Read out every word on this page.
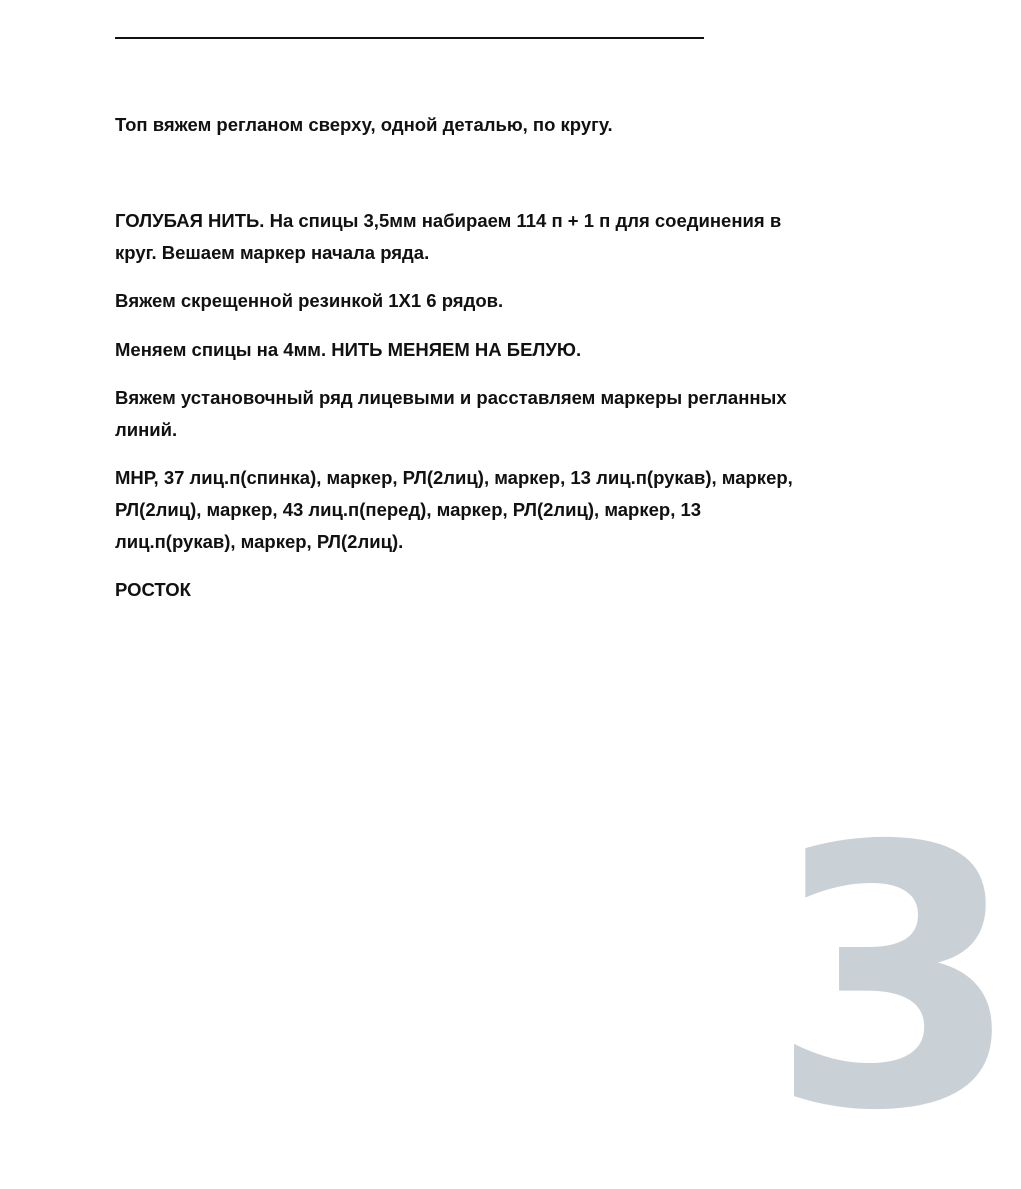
Топ вяжем регланом сверху, одной деталью, по кругу.

ГОЛУБАЯ НИТЬ. На спицы 3,5мм набираем 114 п + 1 п для соединения в
круг. Вешаем маркер начала ряда.

Вяжем скрещенной резинкой 1Х1 6 рядов.

Меняем спицы на 4мм. НИТЬ МЕНЯЕМ НА БЕЛУЮ.

Вяжем установочный ряд лицевыми и расставляем маркеры регланных
линий.

МНР, 37 лиц.п(спинка), маркер, РЛ(2лиц), маркер, 13 лиц.п(рукав), маркер,
РЛ(2лиц), маркер, 43 лиц.п(перед), маркер, РЛ(2лиц), маркер, 13
лиц.п(рукав), маркер, РЛ(2лиц).

РОСТОК

3
